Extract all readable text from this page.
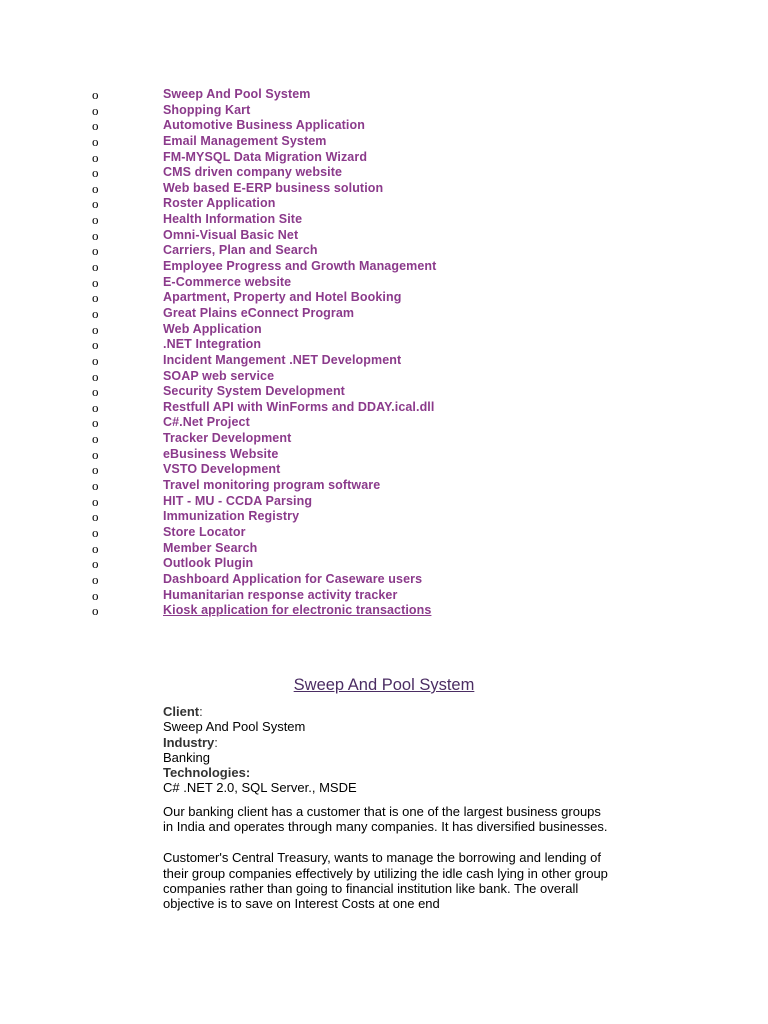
o	Sweep And Pool System
o	Shopping Kart
o	Automotive Business Application
o	Email Management System
o	FM-MYSQL Data Migration Wizard
o	CMS driven company website
o	Web based E-ERP business solution
o	Roster Application
o	Health Information Site
o	Omni-Visual Basic Net
o	Carriers, Plan and Search
o	Employee Progress and Growth Management
o	E-Commerce website
o	Apartment, Property and Hotel Booking
o	Great Plains eConnect Program
o	Web Application
o	.NET Integration
o	Incident Mangement .NET Development
o	SOAP web service
o	Security System Development
o	Restfull API with WinForms and DDAY.ical.dll
o	C#.Net Project
o	Tracker Development
o	eBusiness Website
o	VSTO Development
o	Travel monitoring program software
o	HIT - MU - CCDA Parsing
o	Immunization Registry
o	Store Locator
o	Member Search
o	Outlook Plugin
o	Dashboard Application for Caseware users
o	Humanitarian response activity tracker
o	Kiosk application for electronic transactions
Sweep And Pool System

Client:

Sweep And Pool System

Industry:

Banking

Technologies:

C# .NET 2.0, SQL Server., MSDE

Our banking client has a customer that is one of the largest business groups in India and operates through many companies. It has diversified businesses.

Customer's Central Treasury, wants to manage the borrowing and lending of their group companies effectively by utilizing the idle cash lying in other group companies rather than going to financial institution like bank. The overall objective is to save on Interest Costs at one end
